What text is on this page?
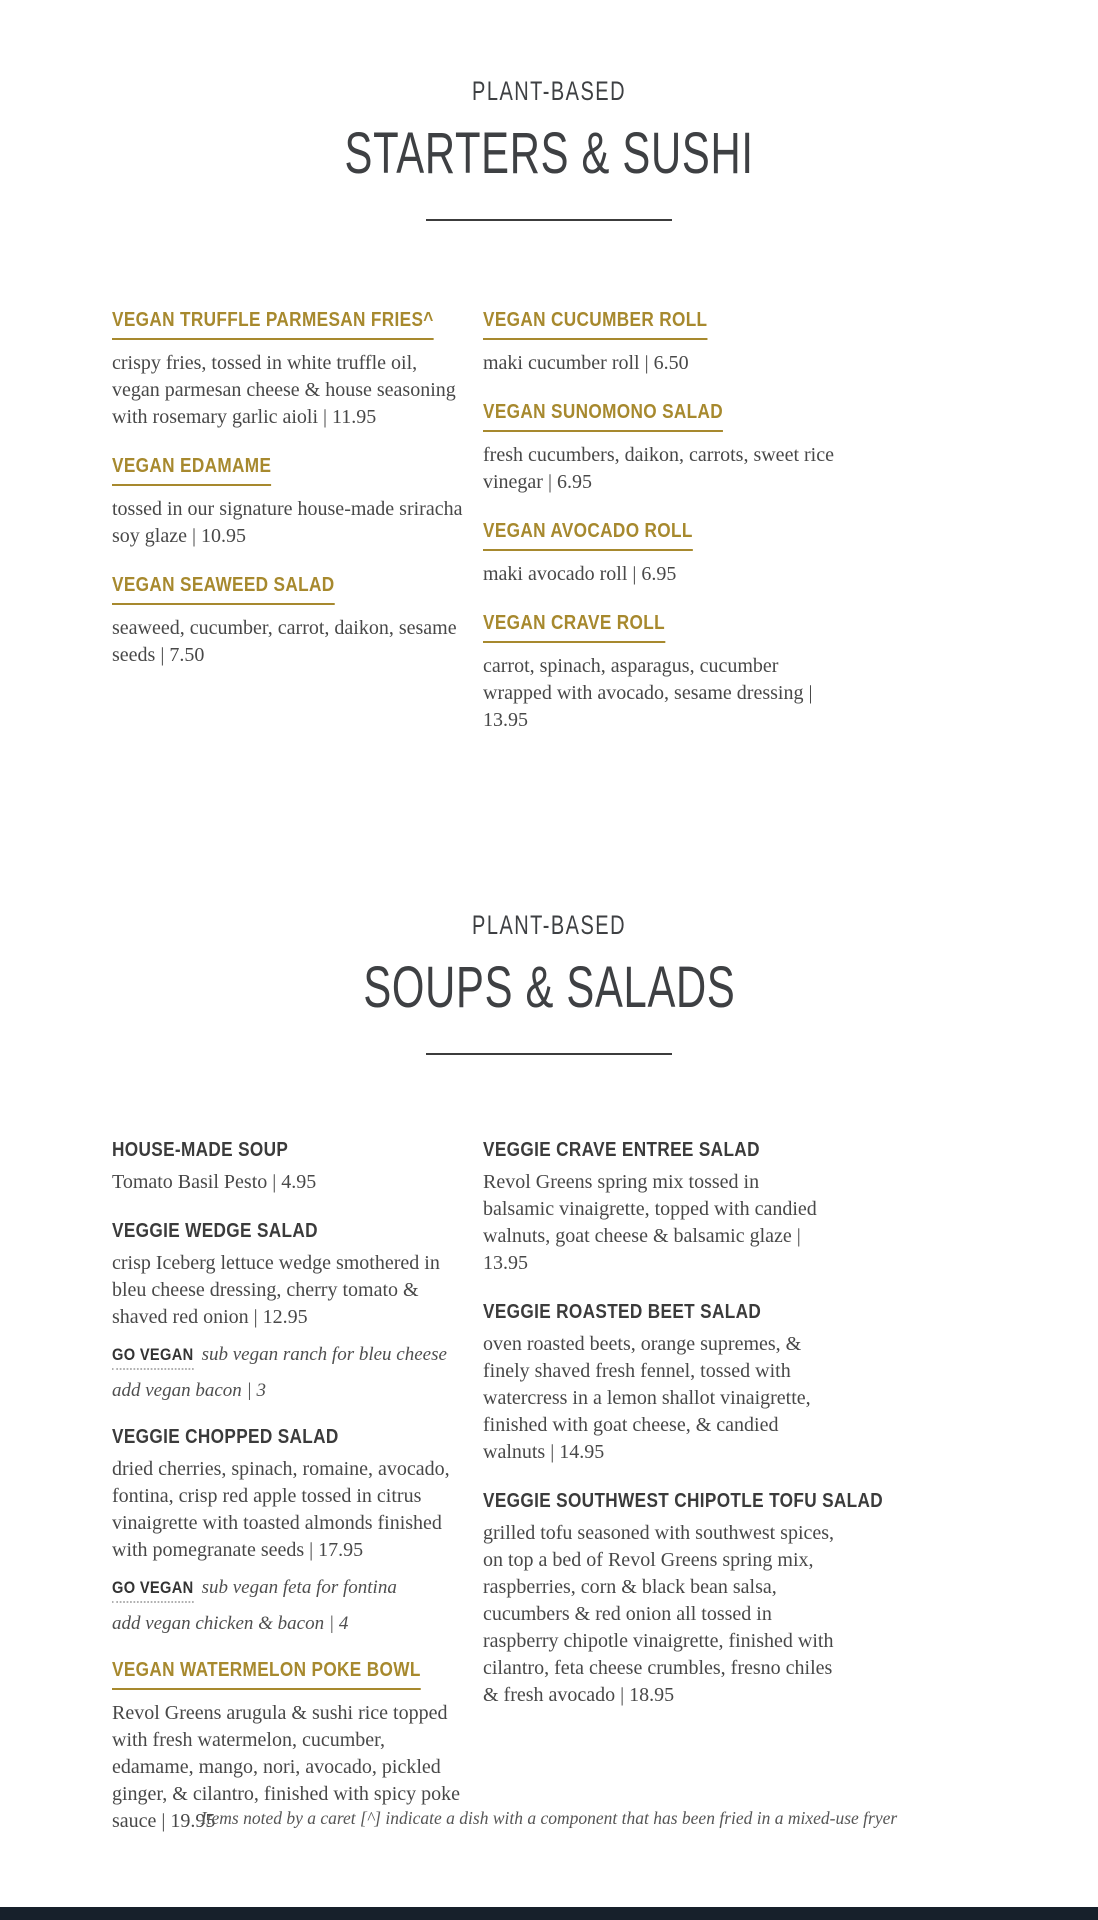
PLANT-BASED
STARTERS & SUSHI
VEGAN TRUFFLE PARMESAN FRIES^

crispy fries, tossed in white truffle oil, vegan parmesan cheese & house seasoning with rosemary garlic aioli | 11.95

VEGAN EDAMAME

tossed in our signature house-made sriracha soy glaze | 10.95

VEGAN SEAWEED SALAD

seaweed, cucumber, carrot, daikon, sesame seeds | 7.50

VEGAN CUCUMBER ROLL

maki cucumber roll | 6.50

VEGAN SUNOMONO SALAD

fresh cucumbers, daikon, carrots, sweet rice vinegar | 6.95

VEGAN AVOCADO ROLL

maki avocado roll | 6.95

VEGAN CRAVE ROLL

carrot, spinach, asparagus, cucumber wrapped with avocado, sesame dressing | 13.95

PLANT-BASED
SOUPS & SALADS
HOUSE-MADE SOUP

Tomato Basil Pesto | 4.95

VEGGIE WEDGE SALAD

crisp Iceberg lettuce wedge smothered in bleu cheese dressing, cherry tomato & shaved red onion | 12.95

GO VEGAN sub vegan ranch for bleu cheese

add vegan bacon | 3

VEGGIE CHOPPED SALAD

dried cherries, spinach, romaine, avocado, fontina, crisp red apple tossed in citrus vinaigrette with toasted almonds finished with pomegranate seeds | 17.95

GO VEGAN sub vegan feta for fontina

add vegan chicken & bacon | 4

VEGAN WATERMELON POKE BOWL

Revol Greens arugula & sushi rice topped with fresh watermelon, cucumber, edamame, mango, nori, avocado, pickled ginger, & cilantro, finished with spicy poke sauce | 19.95

VEGGIE CRAVE ENTREE SALAD

Revol Greens spring mix tossed in balsamic vinaigrette, topped with candied walnuts, goat cheese & balsamic glaze | 13.95

VEGGIE ROASTED BEET SALAD

oven roasted beets, orange supremes, & finely shaved fresh fennel, tossed with watercress in a lemon shallot vinaigrette, finished with goat cheese, & candied walnuts | 14.95

VEGGIE SOUTHWEST CHIPOTLE TOFU SALAD

grilled tofu seasoned with southwest spices, on top a bed of Revol Greens spring mix, raspberries, corn & black bean salsa, cucumbers & red onion all tossed in raspberry chipotle vinaigrette, finished with cilantro, feta cheese crumbles, fresno chiles & fresh avocado | 18.95

Items noted by a caret [^] indicate a dish with a component that has been fried in a mixed-use fryer
